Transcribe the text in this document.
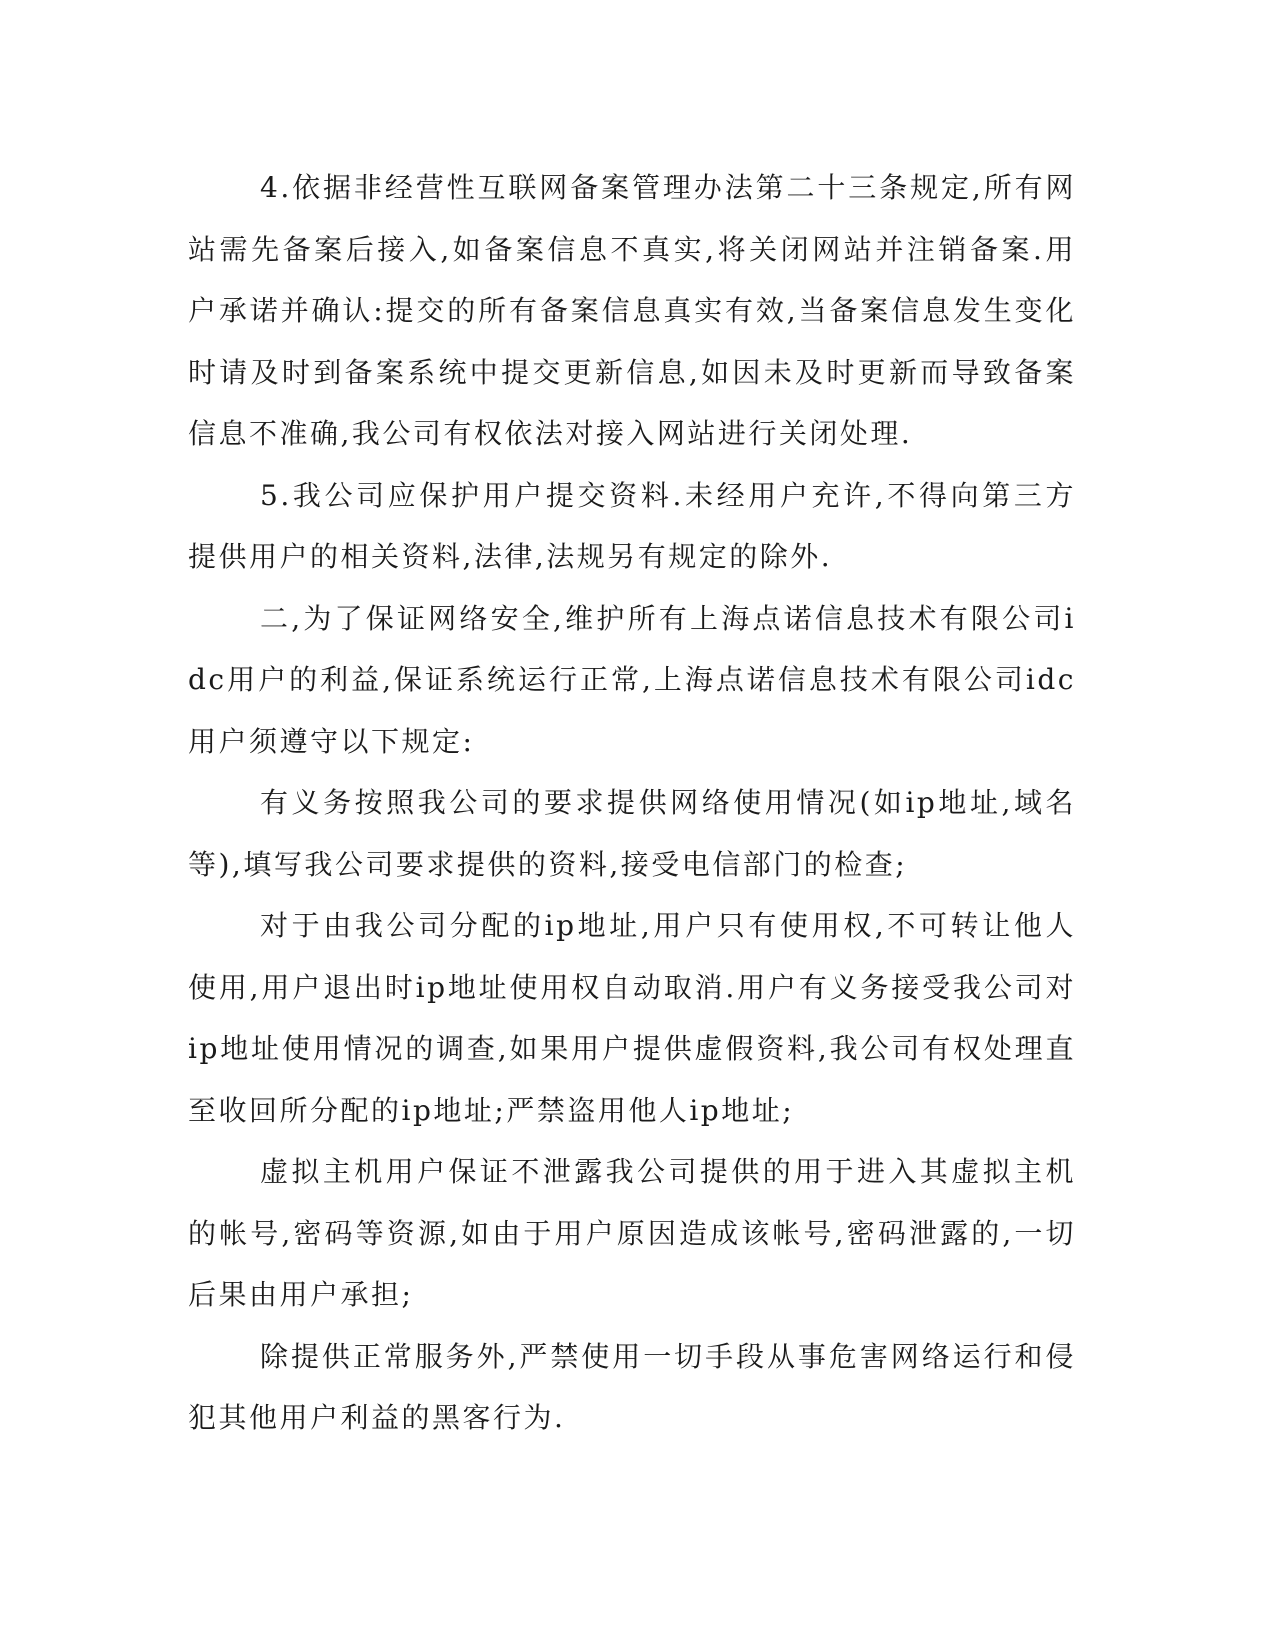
4.依据非经营性互联网备案管理办法第二十三条规定,所有网站需先备案后接入,如备案信息不真实,将关闭网站并注销备案.用户承诺并确认:提交的所有备案信息真实有效,当备案信息发生变化时请及时到备案系统中提交更新信息,如因未及时更新而导致备案信息不准确,我公司有权依法对接入网站进行关闭处理.

5.我公司应保护用户提交资料.未经用户充许,不得向第三方提供用户的相关资料,法律,法规另有规定的除外.

二,为了保证网络安全,维护所有上海点诺信息技术有限公司idc用户的利益,保证系统运行正常,上海点诺信息技术有限公司idc用户须遵守以下规定:

有义务按照我公司的要求提供网络使用情况(如ip地址,域名等),填写我公司要求提供的资料,接受电信部门的检查;

对于由我公司分配的ip地址,用户只有使用权,不可转让他人使用,用户退出时ip地址使用权自动取消.用户有义务接受我公司对ip地址使用情况的调查,如果用户提供虚假资料,我公司有权处理直至收回所分配的ip地址;严禁盗用他人ip地址;

虚拟主机用户保证不泄露我公司提供的用于进入其虚拟主机的帐号,密码等资源,如由于用户原因造成该帐号,密码泄露的,一切后果由用户承担;

除提供正常服务外,严禁使用一切手段从事危害网络运行和侵犯其他用户利益的黑客行为.
